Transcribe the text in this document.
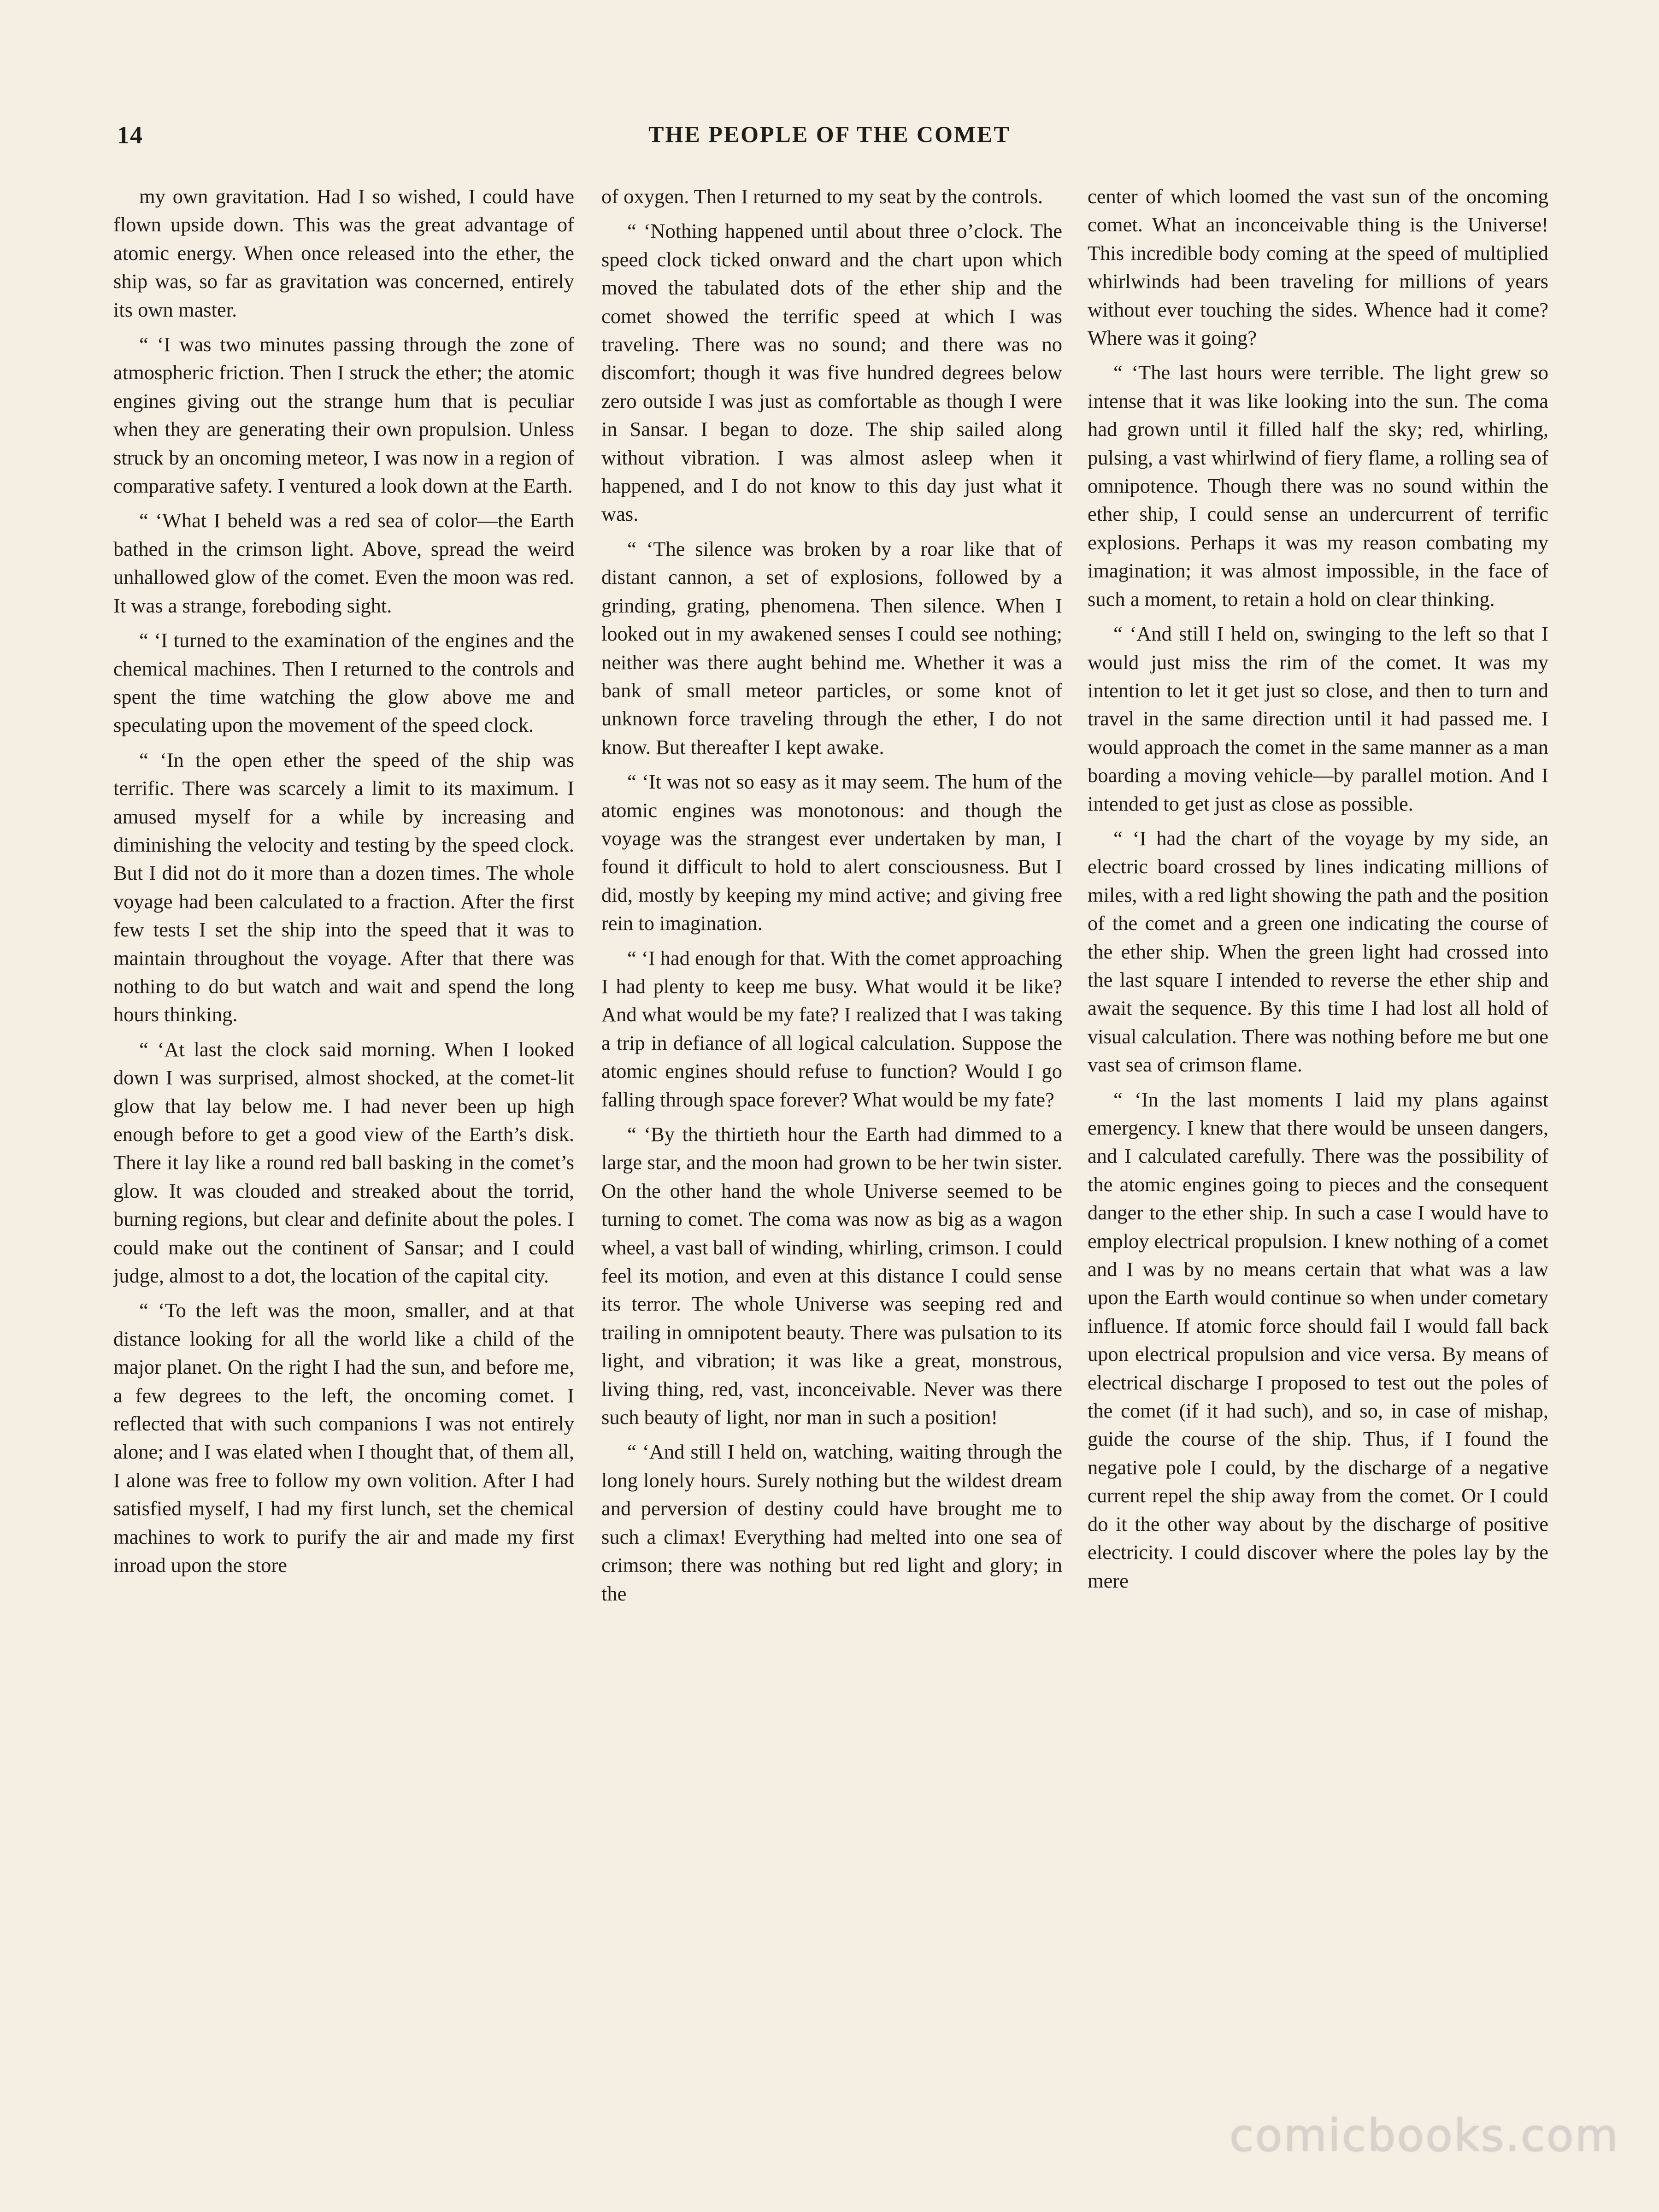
14	THE PEOPLE OF THE COMET

my own gravitation. Had I so wished, I could have flown upside down. This was the great advantage of atomic energy. When once released into the ether, the ship was, so far as gravitation was concerned, entirely its own master.

“ ‘I was two minutes passing through the zone of atmospheric friction. Then I struck the ether; the atomic engines giving out the strange hum that is peculiar when they are generating their own propulsion. Unless struck by an oncoming meteor, I was now in a region of comparative safety. I ventured a look down at the Earth.

“ ‘What I beheld was a red sea of color—the Earth bathed in the crimson light. Above, spread the weird unhallowed glow of the comet. Even the moon was red. It was a strange, foreboding sight.

“ ‘I turned to the examination of the engines and the chemical machines. Then I returned to the controls and spent the time watching the glow above me and speculating upon the movement of the speed clock.

“ ‘In the open ether the speed of the ship was terrific. There was scarcely a limit to its maximum. I amused myself for a while by increasing and diminishing the velocity and testing by the speed clock. But I did not do it more than a dozen times. The whole voyage had been calculated to a fraction. After the first few tests I set the ship into the speed that it was to maintain throughout the voyage. After that there was nothing to do but watch and wait and spend the long hours thinking.

“ ‘At last the clock said morning. When I looked down I was surprised, almost shocked, at the comet-lit glow that lay below me. I had never been up high enough before to get a good view of the Earth’s disk. There it lay like a round red ball basking in the comet’s glow. It was clouded and streaked about the torrid, burning regions, but clear and definite about the poles. I could make out the continent of Sansar; and I could judge, almost to a dot, the location of the capital city.

“ ‘To the left was the moon, smaller, and at that distance looking for all the world like a child of the major planet. On the right I had the sun, and before me, a few degrees to the left, the oncoming comet. I reflected that with such companions I was not entirely alone; and I was elated when I thought that, of them all, I alone was free to follow my own volition. After I had satisfied myself, I had my first lunch, set the chemical machines to work to purify the air and made my first inroad upon the store

of oxygen. Then I returned to my seat by the controls.

“ ‘Nothing happened until about three o’clock. The speed clock ticked onward and the chart upon which moved the tabulated dots of the ether ship and the comet showed the terrific speed at which I was traveling. There was no sound; and there was no discomfort; though it was five hundred degrees below zero outside I was just as comfortable as though I were in Sansar. I began to doze. The ship sailed along without vibration. I was almost asleep when it happened, and I do not know to this day just what it was.

“ ‘The silence was broken by a roar like that of distant cannon, a set of explosions, followed by a grinding, grating, phenomena. Then silence. When I looked out in my awakened senses I could see nothing; neither was there aught behind me. Whether it was a bank of small meteor particles, or some knot of unknown force traveling through the ether, I do not know. But thereafter I kept awake.

“ ‘It was not so easy as it may seem. The hum of the atomic engines was monotonous: and though the voyage was the strangest ever undertaken by man, I found it difficult to hold to alert consciousness. But I did, mostly by keeping my mind active; and giving free rein to imagination.

“ ‘I had enough for that. With the comet approaching I had plenty to keep me busy. What would it be like? And what would be my fate? I realized that I was taking a trip in defiance of all logical calculation. Suppose the atomic engines should refuse to function? Would I go falling through space forever? What would be my fate?

“ ‘By the thirtieth hour the Earth had dimmed to a large star, and the moon had grown to be her twin sister. On the other hand the whole Universe seemed to be turning to comet. The coma was now as big as a wagon wheel, a vast ball of winding, whirling, crimson. I could feel its motion, and even at this distance I could sense its terror. The whole Universe was seeping red and trailing in omnipotent beauty. There was pulsation to its light, and vibration; it was like a great, monstrous, living thing, red, vast, inconceivable. Never was there such beauty of light, nor man in such a position!

“ ‘And still I held on, watching, waiting through the long lonely hours. Surely nothing but the wildest dream and perversion of destiny could have brought me to such a climax! Everything had melted into one sea of crimson; there was nothing but red light and glory; in the

center of which loomed the vast sun of the oncoming comet. What an inconceivable thing is the Universe! This incredible body coming at the speed of multiplied whirlwinds had been traveling for millions of years without ever touching the sides. Whence had it come? Where was it going?

“ ‘The last hours were terrible. The light grew so intense that it was like looking into the sun. The coma had grown until it filled half the sky; red, whirling, pulsing, a vast whirlwind of fiery flame, a rolling sea of omnipotence. Though there was no sound within the ether ship, I could sense an undercurrent of terrific explosions. Perhaps it was my reason combating my imagination; it was almost impossible, in the face of such a moment, to retain a hold on clear thinking.

“ ‘And still I held on, swinging to the left so that I would just miss the rim of the comet. It was my intention to let it get just so close, and then to turn and travel in the same direction until it had passed me. I would approach the comet in the same manner as a man boarding a moving vehicle—by parallel motion. And I intended to get just as close as possible.

“ ‘I had the chart of the voyage by my side, an electric board crossed by lines indicating millions of miles, with a red light showing the path and the position of the comet and a green one indicating the course of the ether ship. When the green light had crossed into the last square I intended to reverse the ether ship and await the sequence. By this time I had lost all hold of visual calculation. There was nothing before me but one vast sea of crimson flame.

“ ‘In the last moments I laid my plans against emergency. I knew that there would be unseen dangers, and I calculated carefully. There was the possibility of the atomic engines going to pieces and the consequent danger to the ether ship. In such a case I would have to employ electrical propulsion. I knew nothing of a comet and I was by no means certain that what was a law upon the Earth would continue so when under cometary influence. If atomic force should fail I would fall back upon electrical propulsion and vice versa. By means of electrical discharge I proposed to test out the poles of the comet (if it had such), and so, in case of mishap, guide the course of the ship. Thus, if I found the negative pole I could, by the discharge of a negative current repel the ship away from the comet. Or I could do it the other way about by the discharge of positive electricity. I could discover where the poles lay by the mere

comicbooks.com
